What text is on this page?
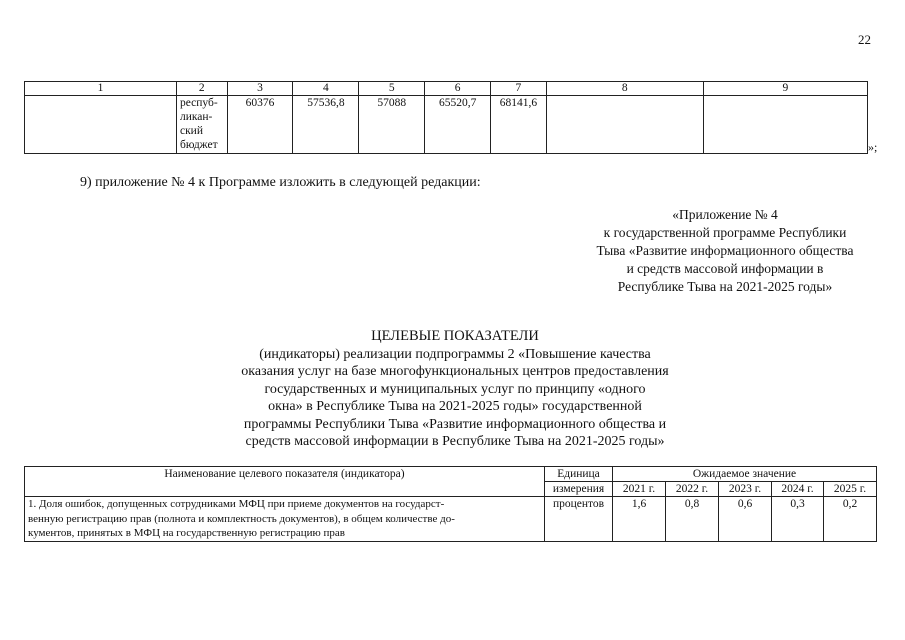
22
1	2	3	4	5	6	7	8	9

	респуб-
ликан-
ский
бюджет	60376	57536,8	57088	65520,7	68141,6		
»;
9) приложение № 4 к Программе изложить в следующей редакции:
«Приложение № 4
к государственной программе Республики
Тыва «Развитие информационного общества
и средств массовой информации в
Республике Тыва на 2021-2025 годы»
ЦЕЛЕВЫЕ ПОКАЗАТЕЛИ
(индикаторы) реализации подпрограммы 2 «Повышение качества
оказания услуг на базе многофункциональных центров предоставления
государственных и муниципальных услуг по принципу «одного
окна» в Республике Тыва на 2021-2025 годы» государственной
программы Республики Тыва «Развитие информационного общества и
средств массовой информации в Республике Тыва на 2021-2025 годы»
Наименование целевого показателя (индикатора)	Единица	Ожидаемое значение				
	измерения	2021 г.	2022 г.	2023 г.	2024 г.	2025 г.

1. Доля ошибок, допущенных сотрудниками МФЦ при приеме документов на государст-
венную регистрацию прав (полнота и комплектность документов), в общем количестве до-
кументов, принятых в МФЦ на государственную регистрацию прав	процентов	1,6	0,8	0,6	0,3	0,2
